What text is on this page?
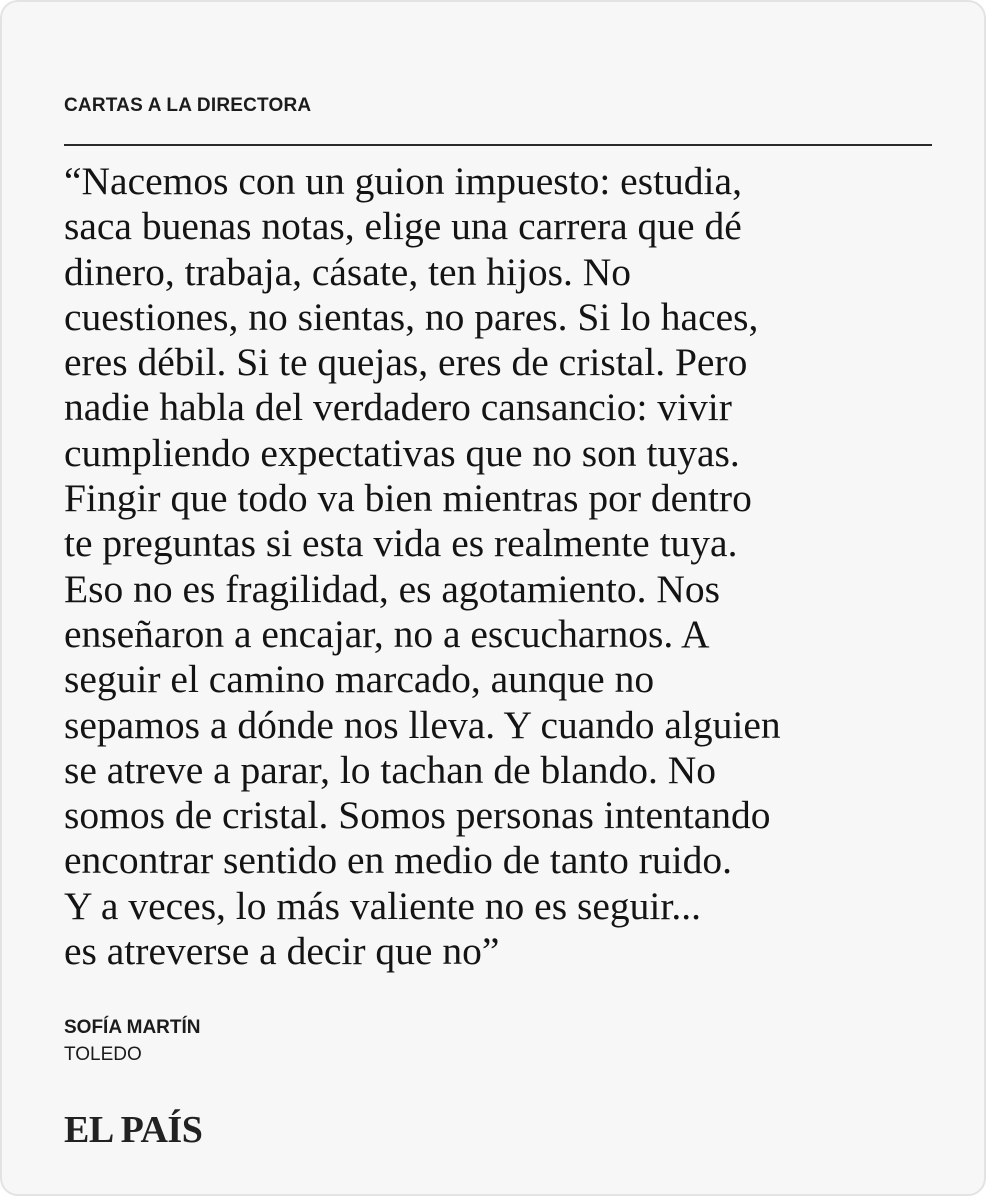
CARTAS A LA DIRECTORA
“Nacemos con un guion impuesto: estudia,
saca buenas notas, elige una carrera que dé
dinero, trabaja, cásate, ten hijos. No
cuestiones, no sientas, no pares. Si lo haces,
eres débil. Si te quejas, eres de cristal. Pero
nadie habla del verdadero cansancio: vivir
cumpliendo expectativas que no son tuyas.
Fingir que todo va bien mientras por dentro
te preguntas si esta vida es realmente tuya.
Eso no es fragilidad, es agotamiento. Nos
enseñaron a encajar, no a escucharnos. A
seguir el camino marcado, aunque no
sepamos a dónde nos lleva. Y cuando alguien
se atreve a parar, lo tachan de blando. No
somos de cristal. Somos personas intentando
encontrar sentido en medio de tanto ruido.
Y a veces, lo más valiente no es seguir...
es atreverse a decir que no”
SOFÍA MARTÍN
TOLEDO
EL PAÍS
